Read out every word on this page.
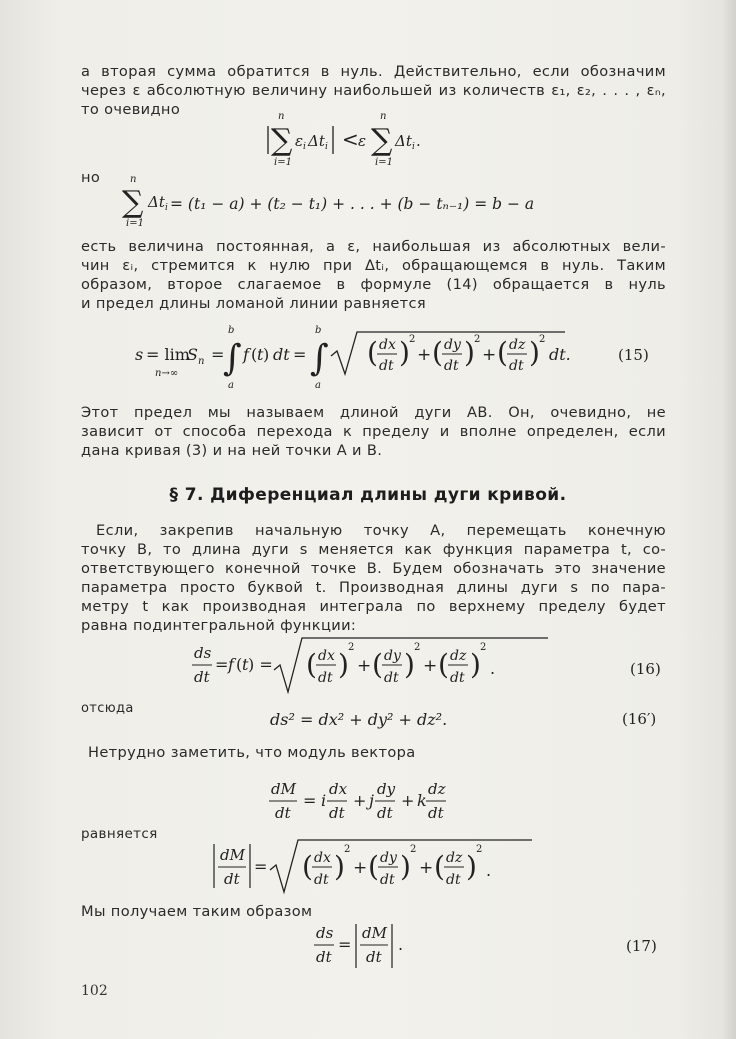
а вторая сумма обратится в нуль. Действительно, если обозначим
через ε абсолютную величину наибольшей из количеств ε₁, ε₂, . . . , εₙ,
то очевидно	n
∑ ε i Δt i
i=1
< ε
n
∑ Δt i .
i=1
но	n
∑
i=1
Δt i = (t₁ − a) + (t₂ − t₁) + . . . + (b − tₙ₋₁) = b − a
есть величина постоянная, а ε, наибольшая из абсолютных вели-
чин εᵢ, стремится к нулю при Δtᵢ, обращающемся в нуль. Таким
образом, второе слагаемое в формуле (14) обращается в нуль
и предел длины ломаной линии равняется
s = lim
S n
n→∞
=
b
∫
a
f ( t ) dt =
b
∫
a
( dx
dt ) 2
+ ( dy
dt ) 2
+ ( dz
dt ) 2
dt.	(15)
Этот предел мы называем длиной дуги AB. Он, очевидно, не
зависит от способа перехода к пределу и вполне определен, если
дана кривая (3) и на ней точки A и B.
§ 7. Диференциал длины дуги кривой.
Если, закрепив начальную точку A, перемещать конечную
точку B, то длина дуги s меняется как функция параметра t, со-
ответствующего конечной точке B. Будем обозначать это значение
параметра просто буквой t. Производная длины дуги s по пара-
метру t как производная интеграла по верхнему пределу будет
равна подинтегральной функции:
ds
dt
= f ( t ) = ( dx
dt )
2
+ ( dy
dt )
2
+ ( dz
dt )
2
.	(16)
отсюда
ds² = dx² + dy² + dz².	(16′)
Нетрудно заметить, что модуль вектора
dM
dt
= i
dx
dt
+ j
dy
dt
+ k
dz
dt
равняется
dM
dt
= ( dx
dt )
2
+ ( dy
dt )
2
+ ( dz
dt )
2
.
Мы получаем таким образом
ds
dt
=
dM
dt
.	(17)
102
